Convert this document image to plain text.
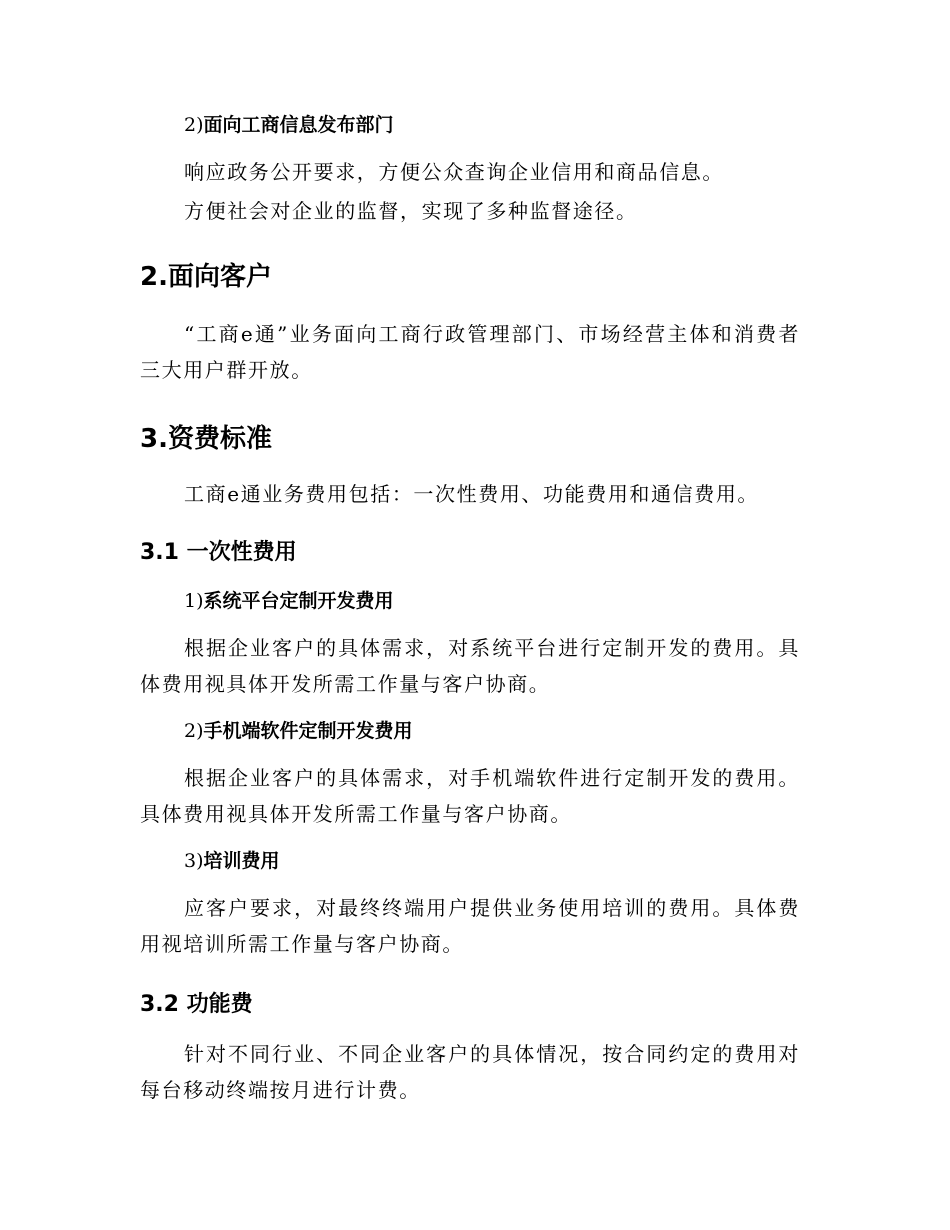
2)面向工商信息发布部门
响应政务公开要求，方便公众查询企业信用和商品信息。
方便社会对企业的监督，实现了多种监督途径。
2.面向客户
“工商e通”业务面向工商行政管理部门、市场经营主体和消费者三大用户群开放。
3.资费标准
工商e通业务费用包括：一次性费用、功能费用和通信费用。
3.1 一次性费用
1)系统平台定制开发费用
根据企业客户的具体需求，对系统平台进行定制开发的费用。具体费用视具体开发所需工作量与客户协商。
2)手机端软件定制开发费用
根据企业客户的具体需求，对手机端软件进行定制开发的费用。具体费用视具体开发所需工作量与客户协商。
3)培训费用
应客户要求，对最终终端用户提供业务使用培训的费用。具体费用视培训所需工作量与客户协商。
3.2 功能费
针对不同行业、不同企业客户的具体情况，按合同约定的费用对每台移动终端按月进行计费。
